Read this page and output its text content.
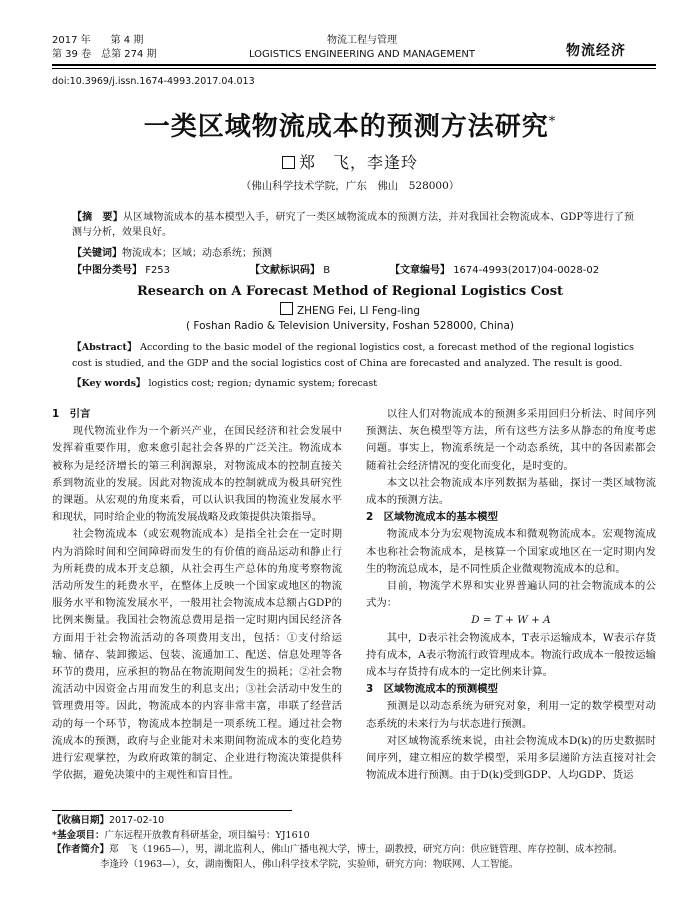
2017 年　　第 4 期
第 39 卷　总第 274 期
物流工程与管理
LOGISTICS ENGINEERING AND MANAGEMENT	物流经济
doi:10.3969/j.issn.1674-4993.2017.04.013
一类区域物流成本的预测方法研究*
郑　飞，李逢玲
（佛山科学技术学院，广东　佛山　528000）
【摘　要】从区域物流成本的基本模型入手，研究了一类区域物流成本的预测方法，并对我国社会物流成本、GDP等进行了预测与分析，效果良好。
【关键词】物流成本；区域；动态系统；预测
【中图分类号】 F253	【文献标识码】 B	【文章编号】 1674-4993(2017)04-0028-02
Research on A Forecast Method of Regional Logistics Cost
ZHENG Fei, LI Feng-ling
( Foshan Radio & Television University, Foshan 528000, China)
【Abstract】 According to the basic model of the regional logistics cost, a forecast method of the regional logistics cost is studied, and the GDP and the social logistics cost of China are forecasted and analyzed. The result is good.
【Key words】 logistics cost; region; dynamic system; forecast

1　引言

现代物流业作为一个新兴产业，在国民经济和社会发展中发挥着重要作用，愈来愈引起社会各界的广泛关注。物流成本被称为是经济增长的第三利润源泉，对物流成本的控制直接关系到物流业的发展。因此对物流成本的控制就成为极具研究性的课题。从宏观的角度来看，可以认识我国的物流业发展水平和现状，同时给企业的物流发展战略及政策提供决策指导。

社会物流成本（或宏观物流成本）是指全社会在一定时期内为消除时间和空间障碍而发生的有价值的商品运动和静止行为所耗费的成本开支总额，从社会再生产总体的角度考察物流活动所发生的耗费水平，在整体上反映一个国家或地区的物流服务水平和物流发展水平，一般用社会物流成本总额占GDP的比例来衡量。我国社会物流总费用是指一定时期内国民经济各方面用于社会物流活动的各项费用支出，包括：①支付给运输、储存、装卸搬运、包装、流通加工、配送、信息处理等各环节的费用，应承担的物品在物流期间发生的损耗；②社会物流活动中因资金占用而发生的利息支出；③社会活动中发生的管理费用等。因此，物流成本的内容非常丰富，串联了经营活动的每一个环节，物流成本控制是一项系统工程。通过社会物流成本的预测，政府与企业能对未来期间物流成本的变化趋势进行宏观掌控，为政府政策的制定、企业进行物流决策提供科学依据，避免决策中的主观性和盲目性。

以往人们对物流成本的预测多采用回归分析法、时间序列预测法、灰色模型等方法，所有这些方法多从静态的角度考虑问题。事实上，物流系统是一个动态系统，其中的各因素都会随着社会经济情况的变化而变化，是时变的。

本文以社会物流成本序列数据为基础，探讨一类区域物流成本的预测方法。

2　区域物流成本的基本模型

物流成本分为宏观物流成本和微观物流成本。宏观物流成本也称社会物流成本，是核算一个国家或地区在一定时期内发生的物流总成本，是不同性质企业微观物流成本的总和。

目前，物流学术界和实业界普遍认同的社会物流成本的公式为：

D = T + W + A

其中，D表示社会物流成本，T表示运输成本，W表示存货持有成本，A表示物流行政管理成本。物流行政成本一般按运输成本与存货持有成本的一定比例来计算。

3　区域物流成本的预测模型

预测是以动态系统为研究对象，利用一定的数学模型对动态系统的未来行为与状态进行预测。

对区域物流系统来说，由社会物流成本D(k)的历史数据时间序列，建立相应的数学模型，采用多层递阶方法直接对社会物流成本进行预测。由于D(k)受到GDP、人均GDP、货运

【收稿日期】2017-02-10
*基金项目：广东远程开放教育科研基金，项目编号：YJ1610
【作者简介】郑　飞（1965—），男，湖北监利人，佛山广播电视大学，博士，副教授，研究方向：供应链管理、库存控制、成本控制。
李逢玲（1963—），女，湖南衡阳人，佛山科学技术学院，实验师，研究方向：物联网、人工智能。
